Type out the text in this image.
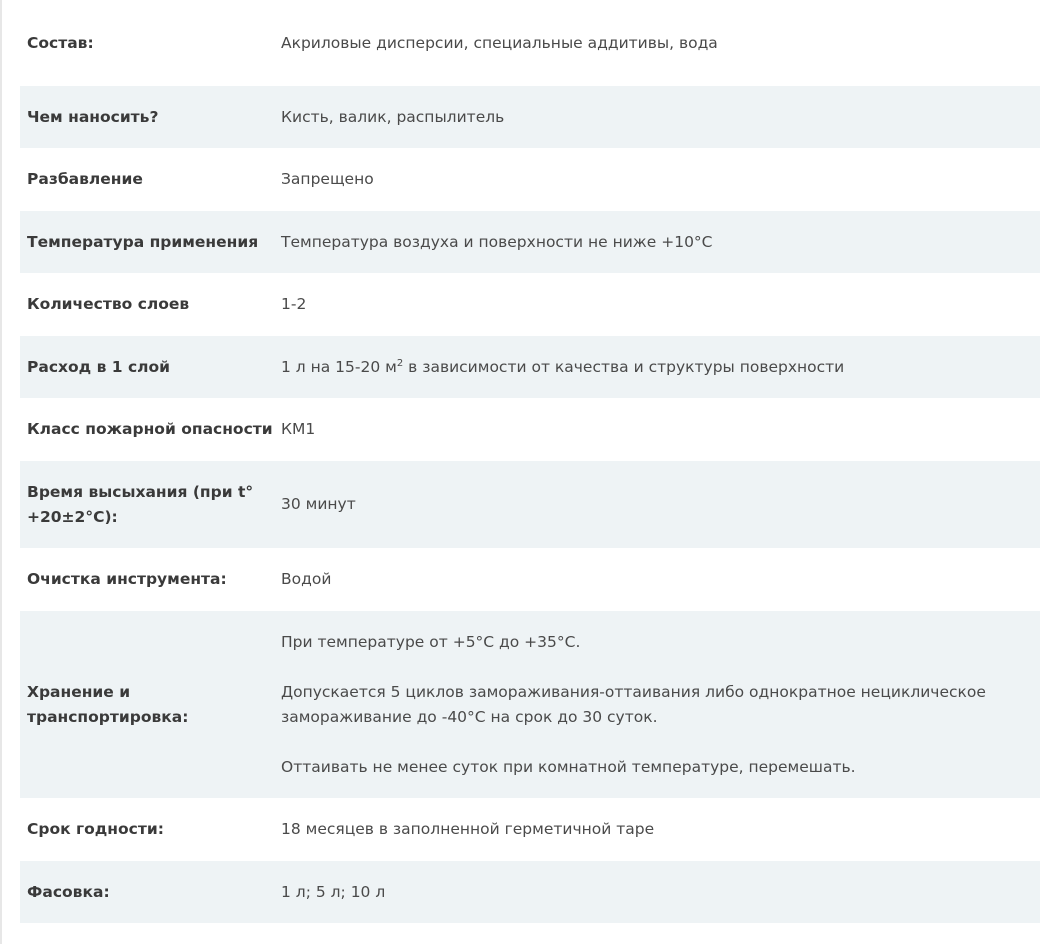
Состав:	Акриловые дисперсии, специальные аддитивы, вода
Чем наносить?	Кисть, валик, распылитель
Разбавление	Запрещено
Температура применения	Температура воздуха и поверхности не ниже +10°C
Количество слоев	1-2
Расход в 1 слой	1 л на 15-20 $м^2$ в зависимости от качества и структуры поверхности
Класс пожарной опасности КМ1
Время высыхания (при t° +20±2°C):
30 минут
Очистка инструмента:	Водой
Хранение и транспортировка:

При температуре от +5°C до +35°C.

Допускается 5 циклов замораживания-оттаивания либо однократное нециклическое замораживание до -40°C на срок до 30 суток.

Оттаивать не менее суток при комнатной температуре, перемешать.

Срок годности:	18 месяцев в заполненной герметичной таре
Фасовка:	1 л; 5 л; 10 л
